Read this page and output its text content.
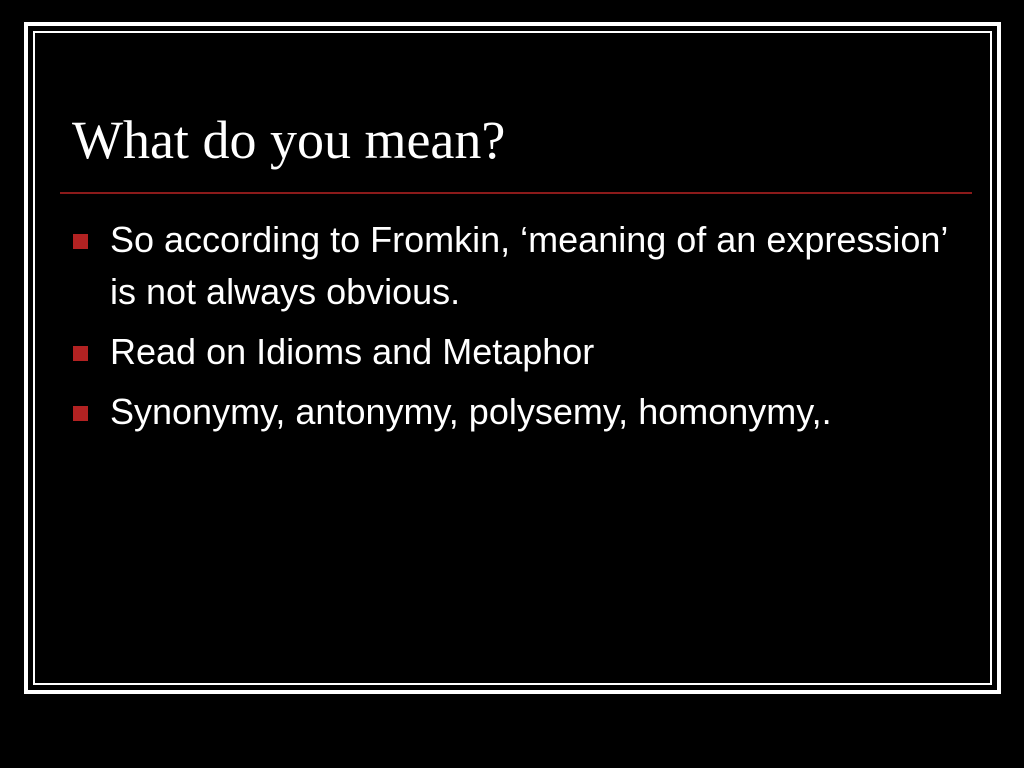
What do you mean?
So according to Fromkin, ‘meaning of an expression’ is not always obvious.
Read on Idioms and Metaphor
Synonymy, antonymy, polysemy, homonymy,.
